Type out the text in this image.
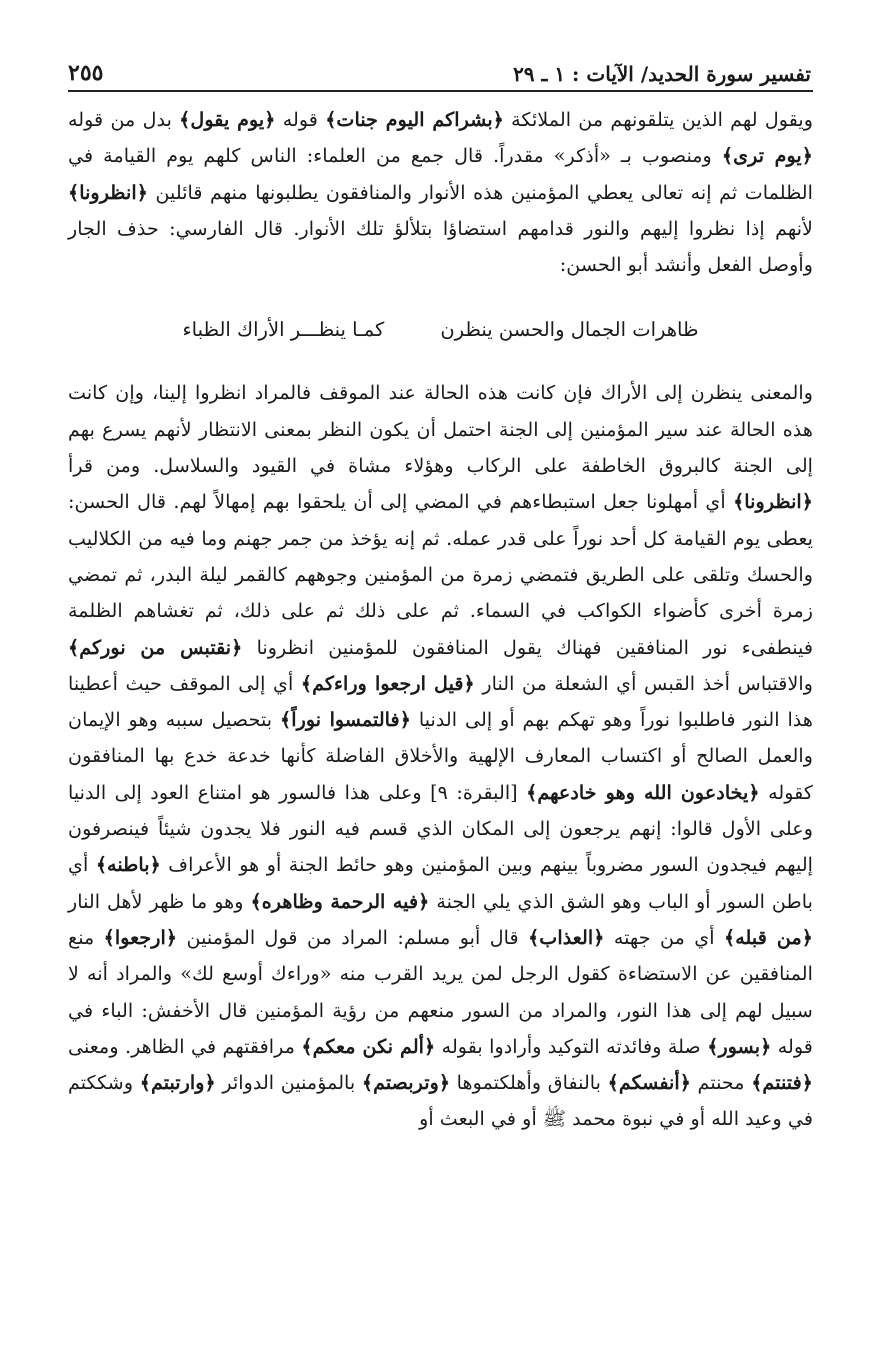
تفسير سورة الحديد/ الآيات : ١ ـ ٢٩
٢٥٥

ويقول لهم الذين يتلقونهم من الملائكة ﴿بشراكم اليوم جنات﴾ قوله ﴿يوم يقول﴾ بدل من قوله ﴿يوم ترى﴾ ومنصوب بـ «أذكر» مقدراً. قال جمع من العلماء: الناس كلهم يوم القيامة في الظلمات ثم إنه تعالى يعطي المؤمنين هذه الأنوار والمنافقون يطلبونها منهم قائلين ﴿انظرونا﴾ لأنهم إذا نظروا إليهم والنور قدامهم استضاؤا بتلألؤ تلك الأنوار. قال الفارسي: حذف الجار وأوصل الفعل وأنشد أبو الحسن:

ظاهرات الجمال والحسن ينظرن
كمـا ينظـــر الأراك الظباء

والمعنى ينظرن إلى الأراك فإن كانت هذه الحالة عند الموقف فالمراد انظروا إلينا، وإن كانت هذه الحالة عند سير المؤمنين إلى الجنة احتمل أن يكون النظر بمعنى الانتظار لأنهم يسرع بهم إلى الجنة كالبروق الخاطفة على الركاب وهؤلاء مشاة في القيود والسلاسل. ومن قرأ ﴿انظرونا﴾ أي أمهلونا جعل استبطاءهم في المضي إلى أن يلحقوا بهم إمهالاً لهم. قال الحسن: يعطى يوم القيامة كل أحد نوراً على قدر عمله. ثم إنه يؤخذ من جمر جهنم وما فيه من الكلاليب والحسك وتلقى على الطريق فتمضي زمرة من المؤمنين وجوههم كالقمر ليلة البدر، ثم تمضي زمرة أخرى كأضواء الكواكب في السماء. ثم على ذلك ثم على ذلك، ثم تغشاهم الظلمة فينطفىء نور المنافقين فهناك يقول المنافقون للمؤمنين انظرونا ﴿نقتبس من نوركم﴾ والاقتباس أخذ القبس أي الشعلة من النار ﴿قيل ارجعوا وراءكم﴾ أي إلى الموقف حيث أعطينا هذا النور فاطلبوا نوراً وهو تهكم بهم أو إلى الدنيا ﴿فالتمسوا نوراً﴾ بتحصيل سببه وهو الإيمان والعمل الصالح أو اكتساب المعارف الإلهية والأخلاق الفاضلة كأنها خدعة خدع بها المنافقون كقوله ﴿يخادعون الله وهو خادعهم﴾ [البقرة: ٩] وعلى هذا فالسور هو امتناع العود إلى الدنيا وعلى الأول قالوا: إنهم يرجعون إلى المكان الذي قسم فيه النور فلا يجدون شيئاً فينصرفون إليهم فيجدون السور مضروباً بينهم وبين المؤمنين وهو حائط الجنة أو هو الأعراف ﴿باطنه﴾ أي باطن السور أو الباب وهو الشق الذي يلي الجنة ﴿فيه الرحمة وظاهره﴾ وهو ما ظهر لأهل النار ﴿من قبله﴾ أي من جهته ﴿العذاب﴾ قال أبو مسلم: المراد من قول المؤمنين ﴿ارجعوا﴾ منع المنافقين عن الاستضاءة كقول الرجل لمن يريد القرب منه «وراءك أوسع لك» والمراد أنه لا سبيل لهم إلى هذا النور، والمراد من السور منعهم من رؤية المؤمنين قال الأخفش: الباء في قوله ﴿بسور﴾ صلة وفائدته التوكيد وأرادوا بقوله ﴿ألم نكن معكم﴾ مرافقتهم في الظاهر. ومعنى ﴿فتنتم﴾ محنتم ﴿أنفسكم﴾ بالنفاق وأهلكتموها ﴿وتربصتم﴾ بالمؤمنين الدوائر ﴿وارتبتم﴾ وشككتم في وعيد الله أو في نبوة محمد ﷺ أو في البعث أو
